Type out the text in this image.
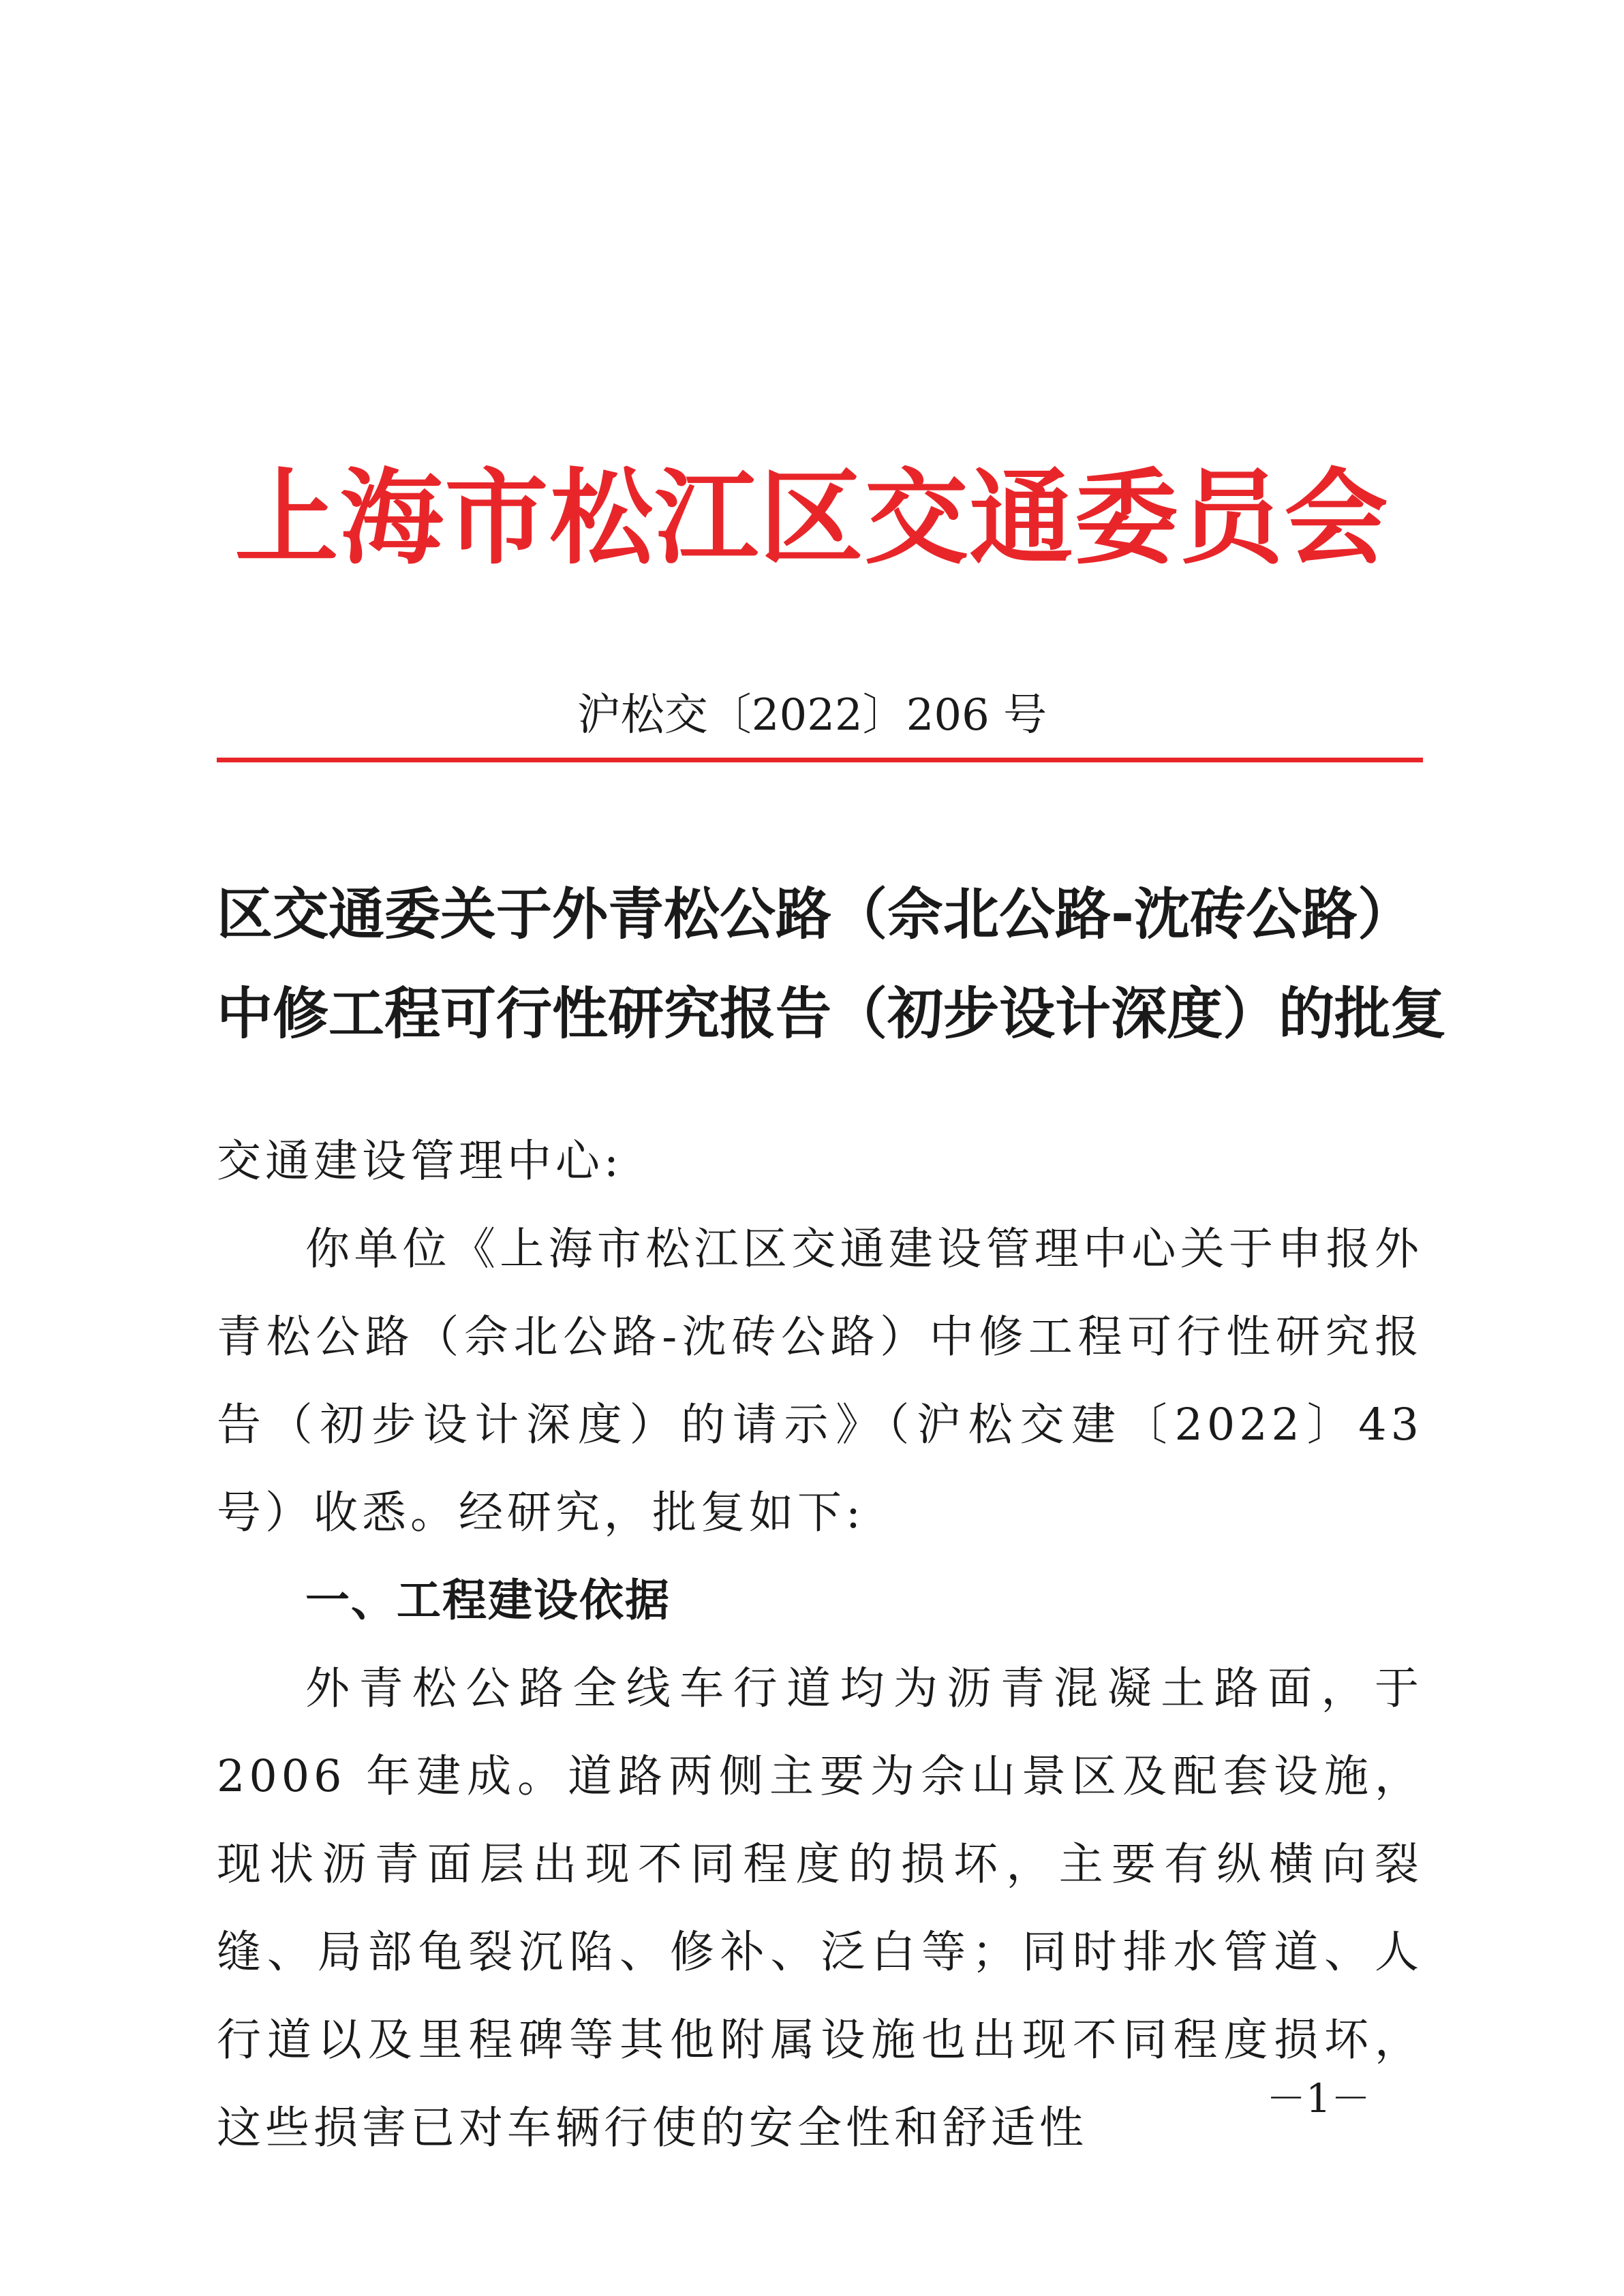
上海市松江区交通委员会
沪松交〔2022〕206 号
区交通委关于外青松公路（佘北公路-沈砖公路）
中修工程可行性研究报告（初步设计深度）的批复

交通建设管理中心:

你单位《上海市松江区交通建设管理中心关于申报外青松公路（佘北公路-沈砖公路）中修工程可行性研究报告（初步设计深度）的请示》（沪松交建〔2022〕43 号）收悉。经研究，批复如下:

一、工程建设依据

外青松公路全线车行道均为沥青混凝土路面，于 2006 年建成。道路两侧主要为佘山景区及配套设施，现状沥青面层出现不同程度的损坏，主要有纵横向裂缝、局部龟裂沉陷、修补、泛白等；同时排水管道、人行道以及里程碑等其他附属设施也出现不同程度损坏，这些损害已对车辆行使的安全性和舒适性

－1－
